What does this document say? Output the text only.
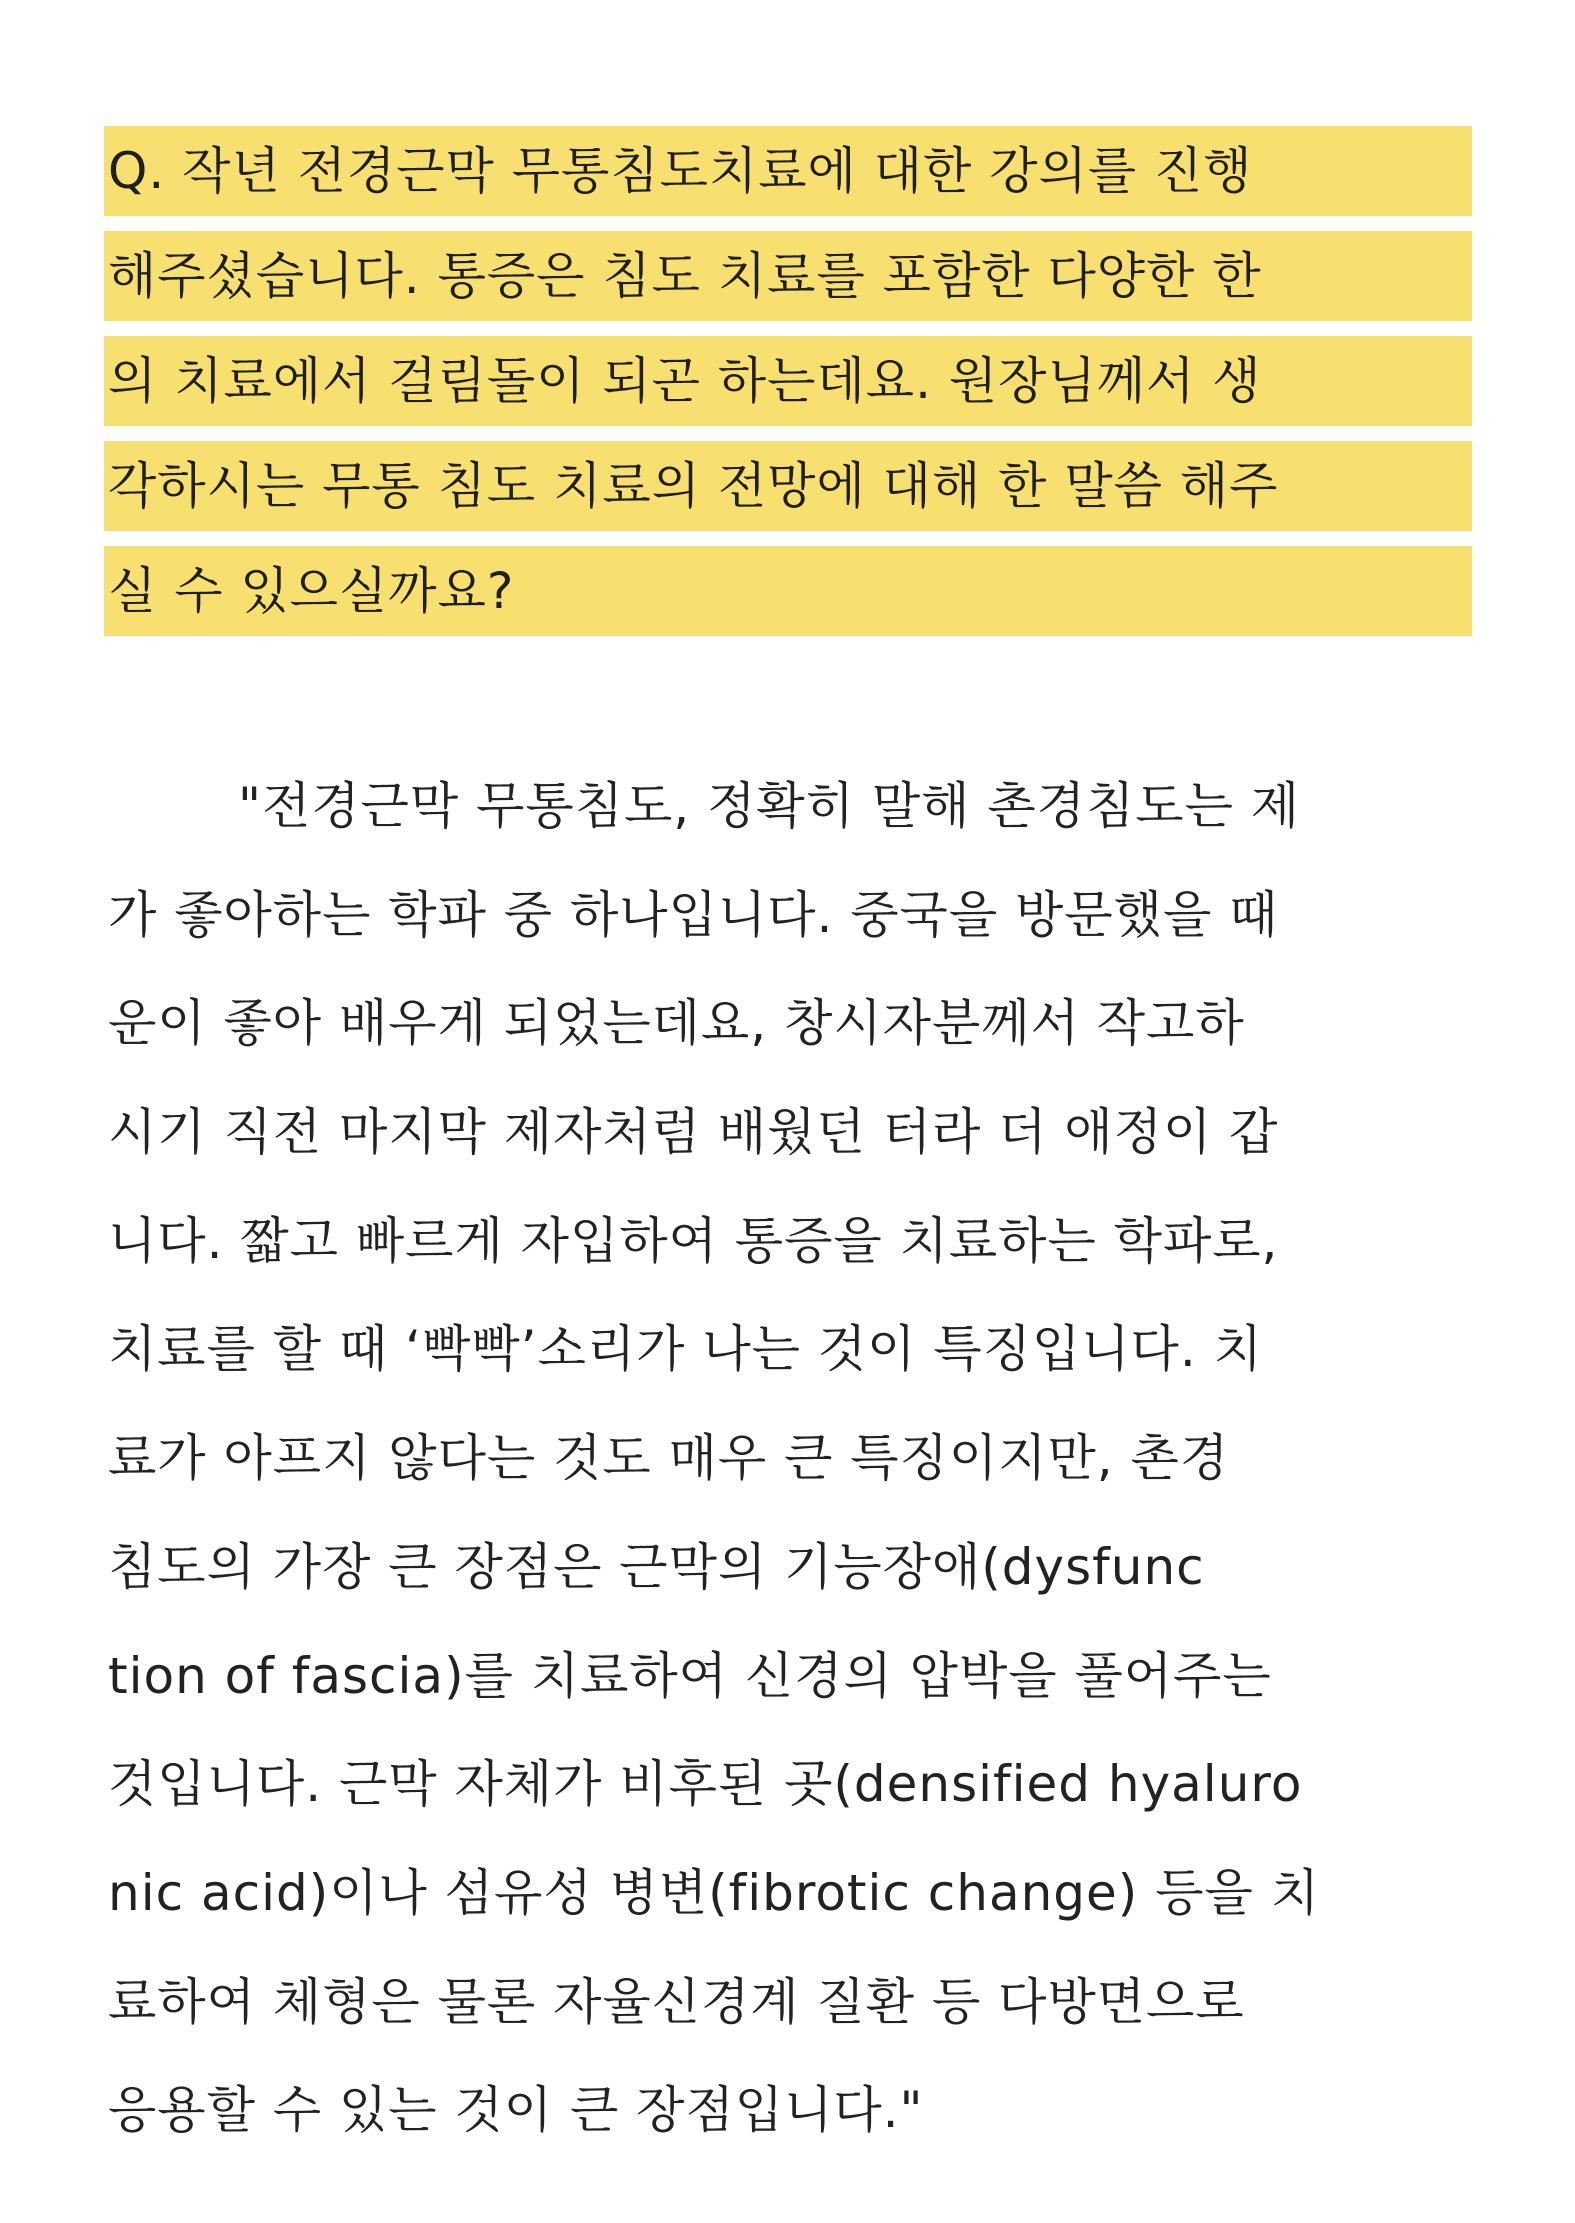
Q. 작년 전경근막 무통침도치료에 대한 강의를 진행
해주셨습니다. 통증은 침도 치료를 포함한 다양한 한
의 치료에서 걸림돌이 되곤 하는데요. 원장님께서 생
각하시는 무통 침도 치료의 전망에 대해 한 말씀 해주
실 수 있으실까요?
"전경근막 무통침도, 정확히 말해 촌경침도는 제
가 좋아하는 학파 중 하나입니다. 중국을 방문했을 때
운이 좋아 배우게 되었는데요, 창시자분께서 작고하
시기 직전 마지막 제자처럼 배웠던 터라 더 애정이 갑
니다. 짧고 빠르게 자입하여 통증을 치료하는 학파로,
치료를 할 때 ‘빡빡’소리가 나는 것이 특징입니다. 치
료가 아프지 않다는 것도 매우 큰 특징이지만, 촌경
침도의 가장 큰 장점은 근막의 기능장애(dysfunc
tion of fascia)를 치료하여 신경의 압박을 풀어주는
것입니다. 근막 자체가 비후된 곳(densified hyaluro
nic acid)이나 섬유성 병변(fibrotic change) 등을 치
료하여 체형은 물론 자율신경계 질환 등 다방면으로
응용할 수 있는 것이 큰 장점입니다."
